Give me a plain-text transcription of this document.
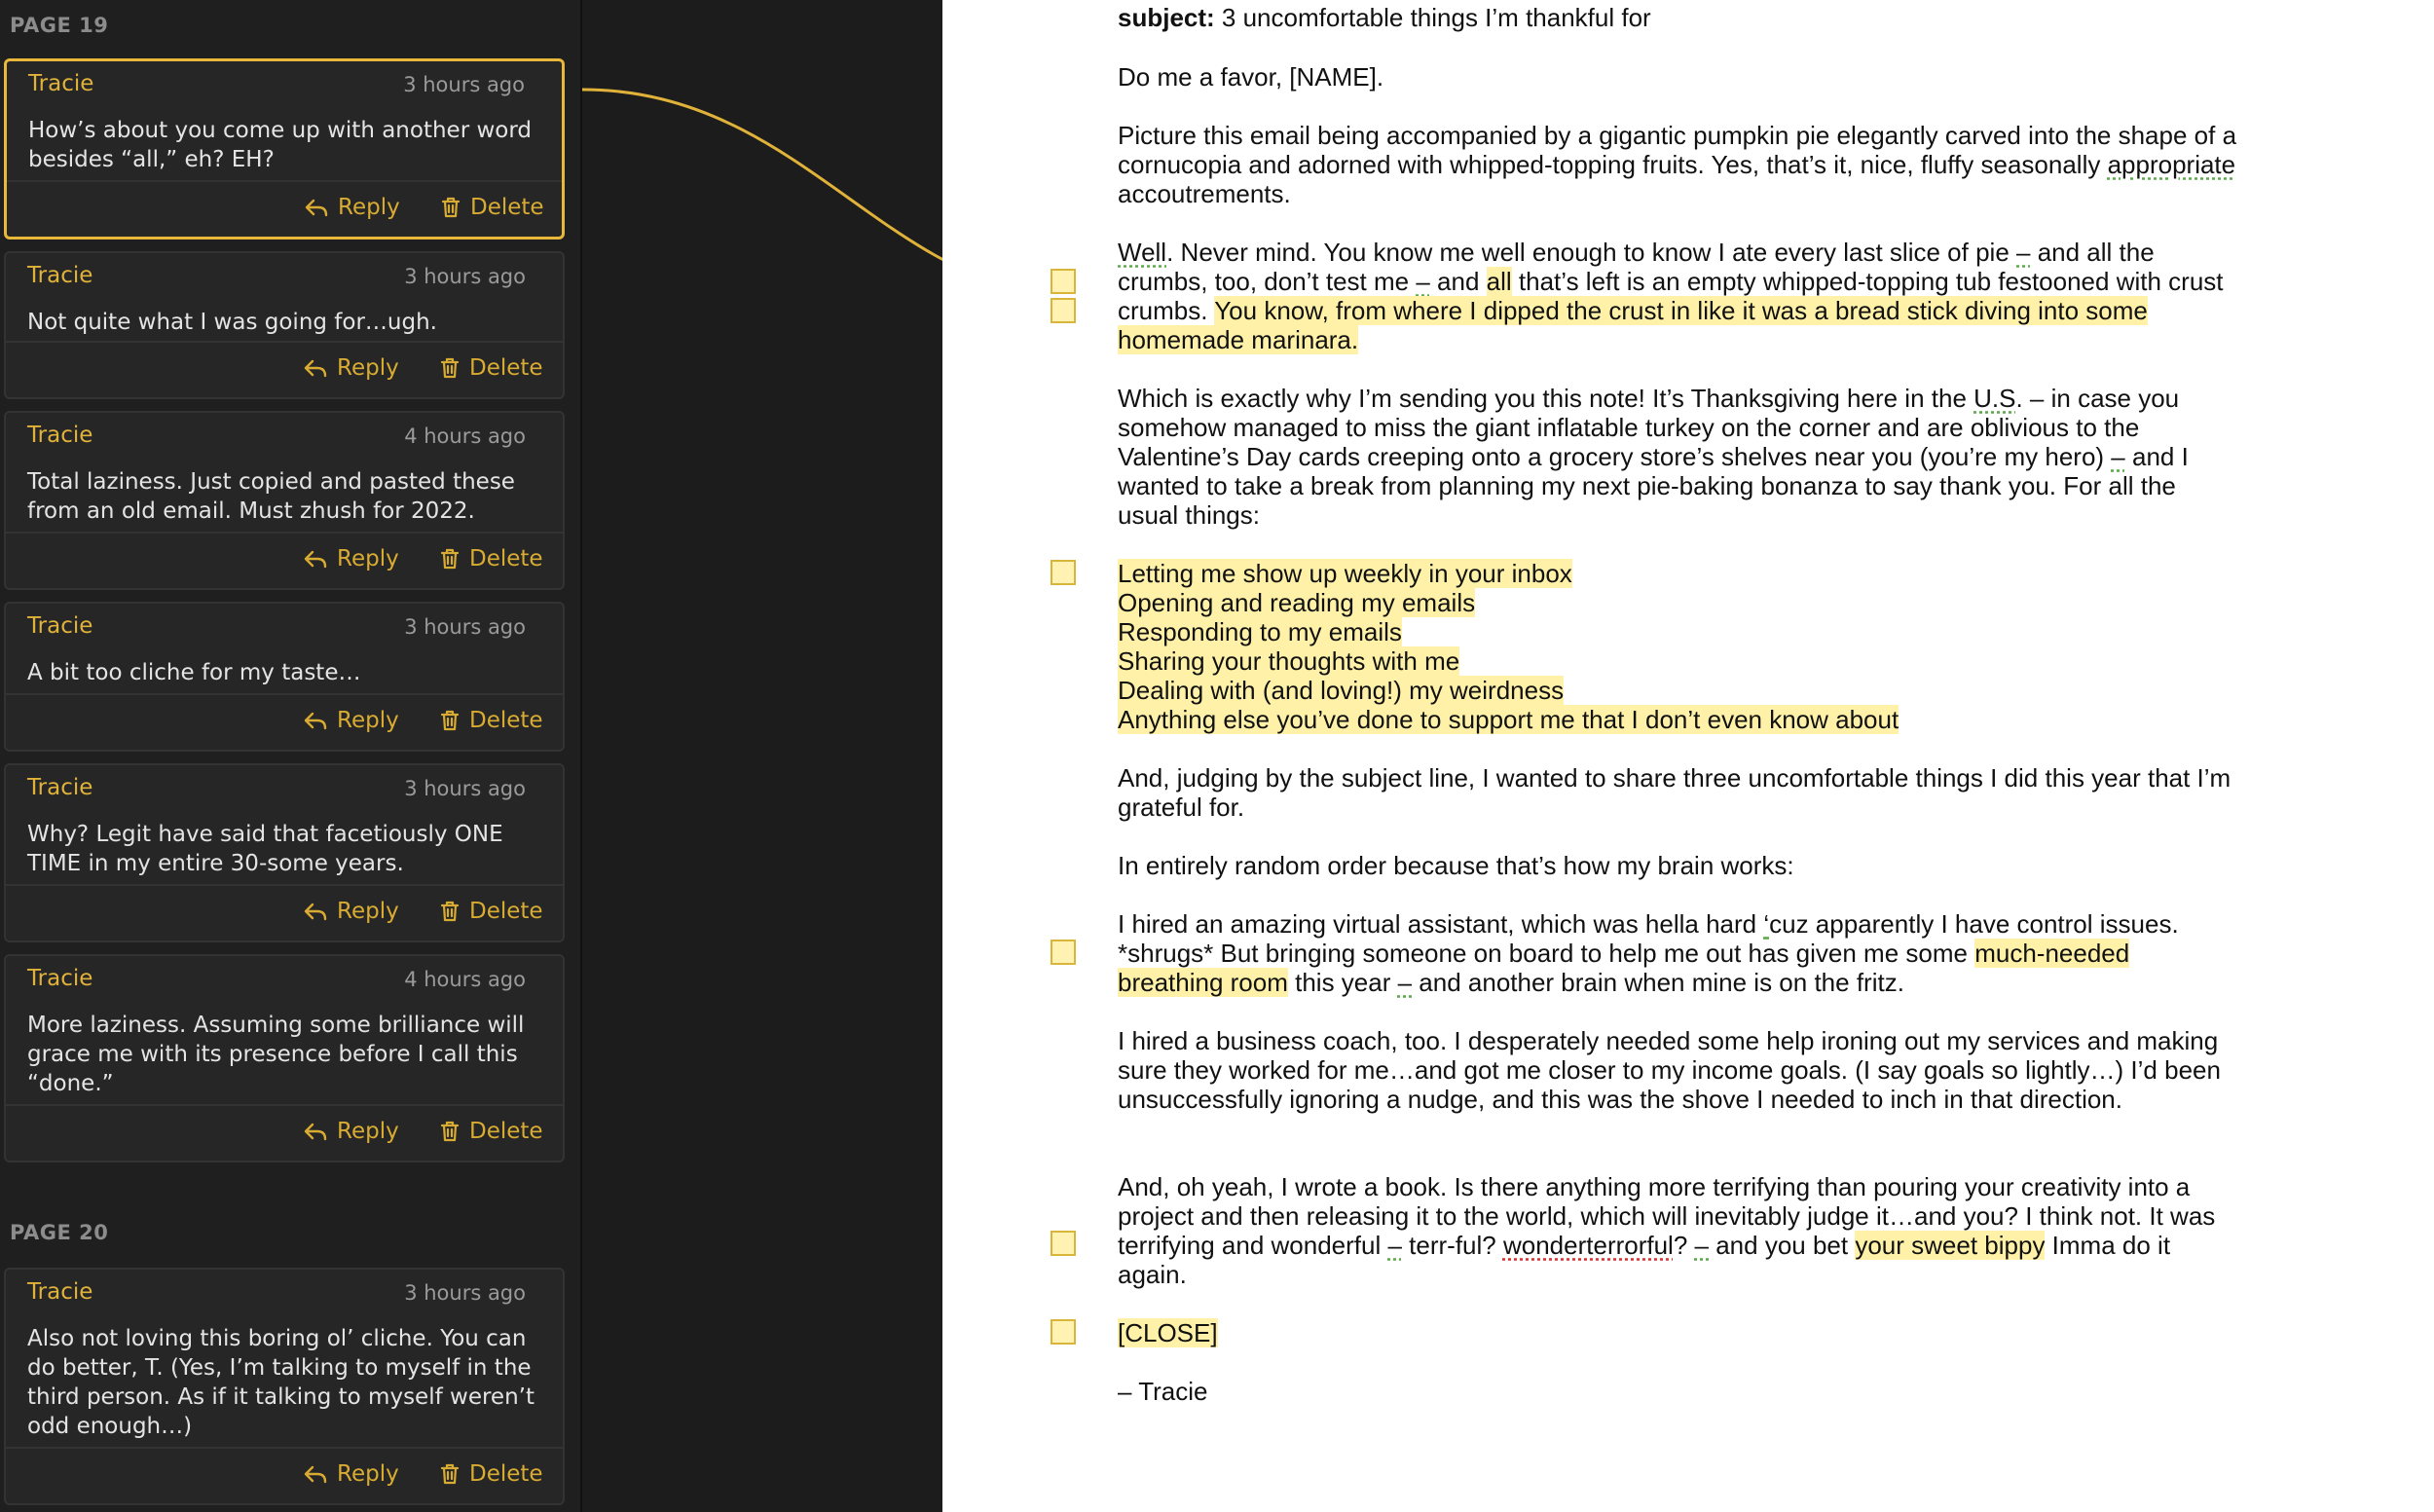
PAGE 19
Tracie	3 hours ago
How’s about you come up with another word besides “all,” eh? EH?
Reply	Delete
Tracie	3 hours ago
Not quite what I was going for…ugh.
Reply	Delete
Tracie	4 hours ago
Total laziness. Just copied and pasted these from an old email. Must zhush for 2022.
Reply	Delete
Tracie	3 hours ago
A bit too cliche for my taste…
Reply	Delete
Tracie	3 hours ago
Why? Legit have said that facetiously ONE TIME in my entire 30-some years.
Reply	Delete
Tracie	4 hours ago
More laziness. Assuming some brilliance will grace me with its presence before I call this “done.”
Reply	Delete
PAGE 20
Tracie	3 hours ago
Also not loving this boring ol’ cliche. You can do better, T. (Yes, I’m talking to myself in the third person. As if it talking to myself weren’t odd enough…)
Reply	Delete
subject: 3 uncomfortable things I’m thankful for
Do me a favor, [NAME].
Picture this email being accompanied by a gigantic pumpkin pie elegantly carved into the shape of a cornucopia and adorned with whipped-topping fruits. Yes, that’s it, nice, fluffy seasonally appropriate accoutrements.
Well. Never mind. You know me well enough to know I ate every last slice of pie – and all the crumbs, too, don’t test me – and all that’s left is an empty whipped-topping tub festooned with crust crumbs. You know, from where I dipped the crust in like it was a bread stick diving into some homemade marinara.
Which is exactly why I’m sending you this note! It’s Thanksgiving here in the U.S. – in case you somehow managed to miss the giant inflatable turkey on the corner and are oblivious to the Valentine’s Day cards creeping onto a grocery store’s shelves near you (you’re my hero) – and I wanted to take a break from planning my next pie-baking bonanza to say thank you. For all the usual things:
Letting me show up weekly in your inbox
Opening and reading my emails
Responding to my emails
Sharing your thoughts with me
Dealing with (and loving!) my weirdness
Anything else you’ve done to support me that I don’t even know about
And, judging by the subject line, I wanted to share three uncomfortable things I did this year that I’m grateful for.
In entirely random order because that’s how my brain works:
I hired an amazing virtual assistant, which was hella hard ‘cuz apparently I have control issues. *shrugs* But bringing someone on board to help me out has given me some much-needed breathing room this year – and another brain when mine is on the fritz.
I hired a business coach, too. I desperately needed some help ironing out my services and making sure they worked for me…and got me closer to my income goals. (I say goals so lightly…) I’d been unsuccessfully ignoring a nudge, and this was the shove I needed to inch in that direction.
And, oh yeah, I wrote a book. Is there anything more terrifying than pouring your creativity into a project and then releasing it to the world, which will inevitably judge it…and you? I think not. It was terrifying and wonderful – terr-ful? wonderterrorful? – and you bet your sweet bippy Imma do it again.
[CLOSE]
– Tracie
